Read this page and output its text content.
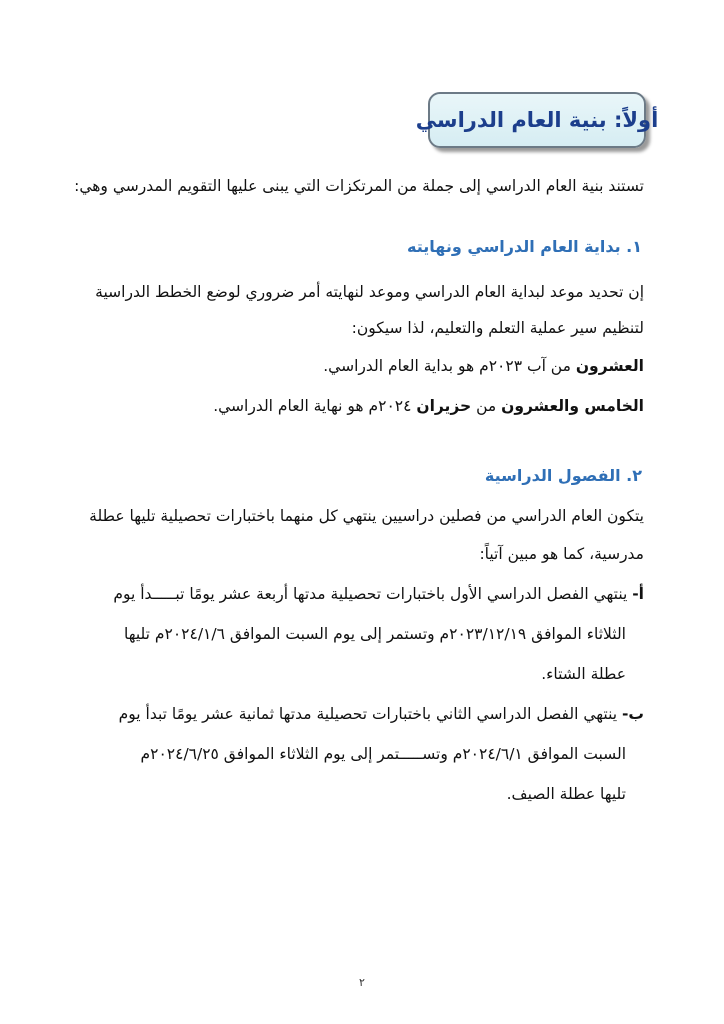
أولاً: بنية العام الدراسي
تستند بنية العام الدراسي إلى جملة من المرتكزات التي يبنى عليها التقويم المدرسي وهي:
١. بداية العام الدراسي ونهايته
إن تحديد موعد لبداية العام الدراسي وموعد لنهايته أمر ضروري لوضع الخطط الدراسية
لتنظيم سير عملية التعلم والتعليم، لذا سيكون:
العشرون من آب ٢٠٢٣م هو بداية العام الدراسي.
الخامس والعشرون من حزيران ٢٠٢٤م هو نهاية العام الدراسي.
٢. الفصول الدراسية
يتكون العام الدراسي من فصلين دراسيين ينتهي كل منهما باختبارات تحصيلية تليها عطلة
مدرسية، كما هو مبين آتياً:
أ- ينتهي الفصل الدراسي الأول باختبارات تحصيلية مدتها أربعة عشر يومًا تبـــــدأ يوم
الثلاثاء الموافق ٢٠٢٣/١٢/١٩م وتستمر إلى يوم السبت الموافق ٢٠٢٤/١/٦م تليها
عطلة الشتاء.
ب- ينتهي الفصل الدراسي الثاني باختبارات تحصيلية مدتها ثمانية عشر يومًا تبدأ يوم
السبت الموافق ٢٠٢٤/٦/١م وتســـــتمر إلى يوم الثلاثاء الموافق ٢٠٢٤/٦/٢٥م
تليها عطلة الصيف.
٢
